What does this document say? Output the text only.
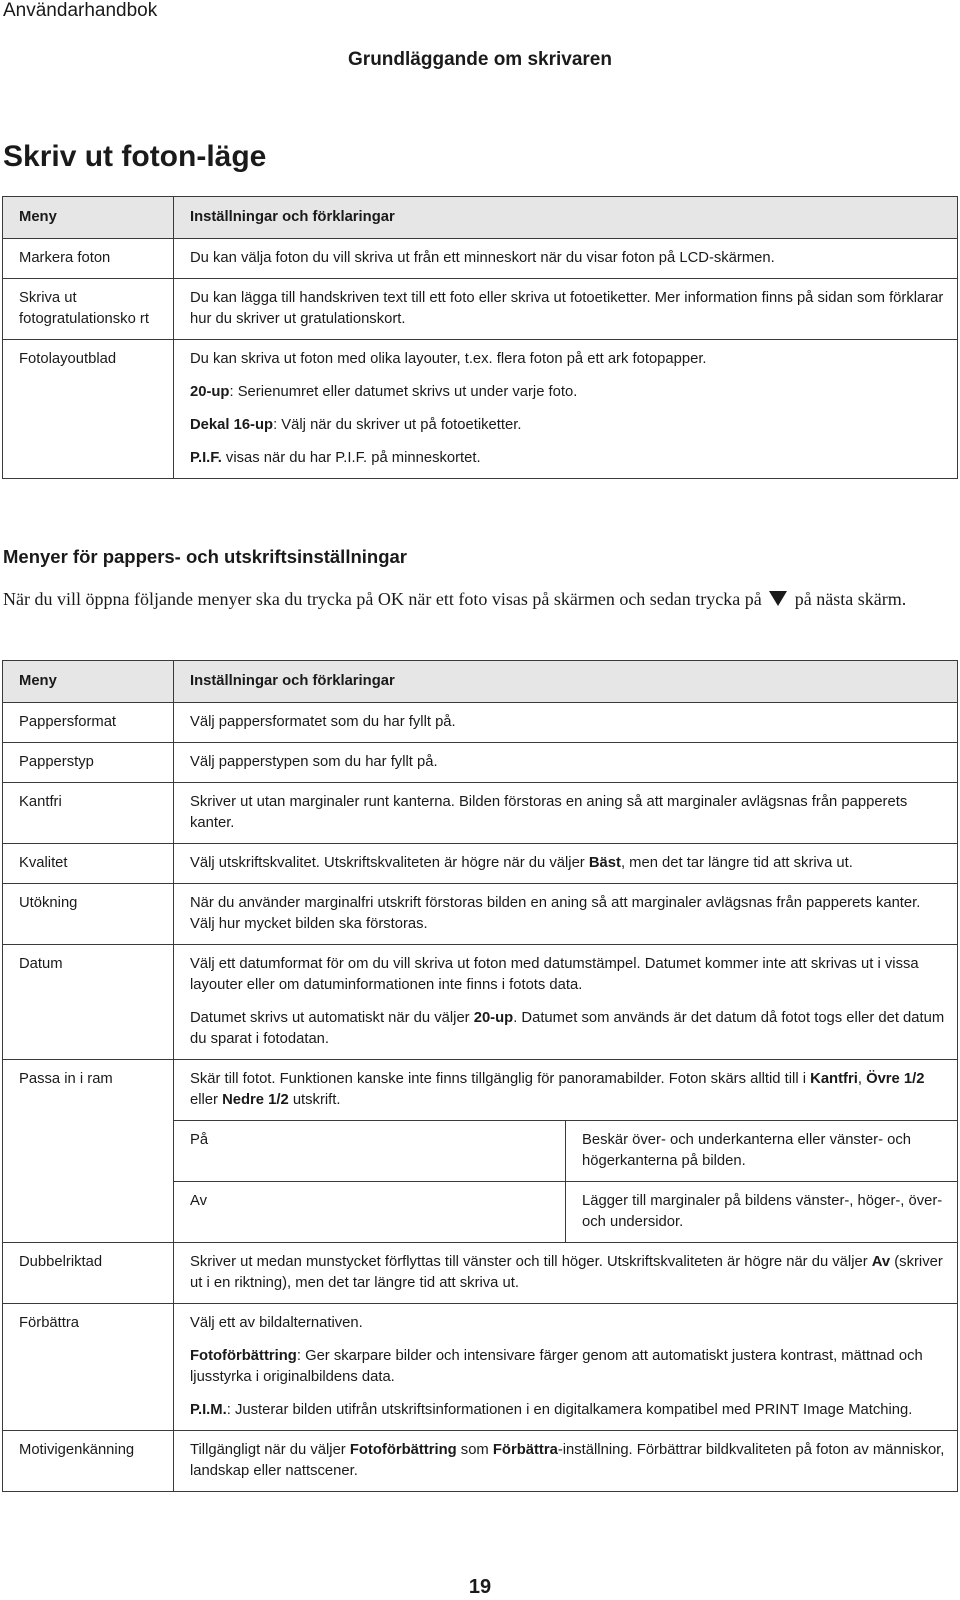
Användarhandbok
Grundläggande om skrivaren
Skriv ut foton-läge
Meny	Inställningar och förklaringar
Markera foton	Du kan välja foton du vill skriva ut från ett minneskort när du visar foton på LCD-skärmen.
Skriva ut fotogratulationsko rt	Du kan lägga till handskriven text till ett foto eller skriva ut fotoetiketter. Mer information finns på sidan som förklarar hur du skriver ut gratulationskort.
Fotolayoutblad	Du kan skriva ut foton med olika layouter, t.ex. flera foton på ett ark fotopapper.

20-up: Serienumret eller datumet skrivs ut under varje foto.

Dekal 16-up: Välj när du skriver ut på fotoetiketter.

P.I.F. visas när du har P.I.F. på minneskortet.

Menyer för pappers- och utskriftsinställningar

När du vill öppna följande menyer ska du trycka på OK när ett foto visas på skärmen och sedan trycka på  på nästa skärm.

Meny	Inställningar och förklaringar	
Pappersformat	Välj pappersformatet som du har fyllt på.	
Papperstyp	Välj papperstypen som du har fyllt på.	
Kantfri	Skriver ut utan marginaler runt kanterna. Bilden förstoras en aning så att marginaler avlägsnas från papperets kanter.	
Kvalitet	Välj utskriftskvalitet. Utskriftskvaliteten är högre när du väljer Bäst, men det tar längre tid att skriva ut.	
Utökning	När du använder marginalfri utskrift förstoras bilden en aning så att marginaler avlägsnas från papperets kanter. Välj hur mycket bilden ska förstoras.	
Datum	Välj ett datumformat för om du vill skriva ut foton med datumstämpel. Datumet kommer inte att skrivas ut i vissa layouter eller om datuminformationen inte finns i fotots data.

Datumet skrivs ut automatiskt när du väljer 20-up. Datumet som används är det datum då fotot togs eller det datum du sparat i fotodatan.	

Passa in i ram	Skär till fotot. Funktionen kanske inte finns tillgänglig för panoramabilder. Foton skärs alltid till i Kantfri, Övre 1/2 eller Nedre 1/2 utskrift.	
	På	Beskär över- och underkanterna eller vänster- och högerkanterna på bilden.
	Av	Lägger till marginaler på bildens vänster-, höger-, över- och undersidor.
Dubbelriktad	Skriver ut medan munstycket förflyttas till vänster och till höger. Utskriftskvaliteten är högre när du väljer Av (skriver ut i en riktning), men det tar längre tid att skriva ut.	
Förbättra	Välj ett av bildalternativen.

Fotoförbättring: Ger skarpare bilder och intensivare färger genom att automatiskt justera kontrast, mättnad och ljusstyrka i originalbildens data.

P.I.M.: Justerar bilden utifrån utskriftsinformationen i en digitalkamera kompatibel med PRINT Image Matching.	

Motivigenkänning	Tillgängligt när du väljer Fotoförbättring som Förbättra-inställning. Förbättrar bildkvaliteten på foton av människor, landskap eller nattscener.	
19
